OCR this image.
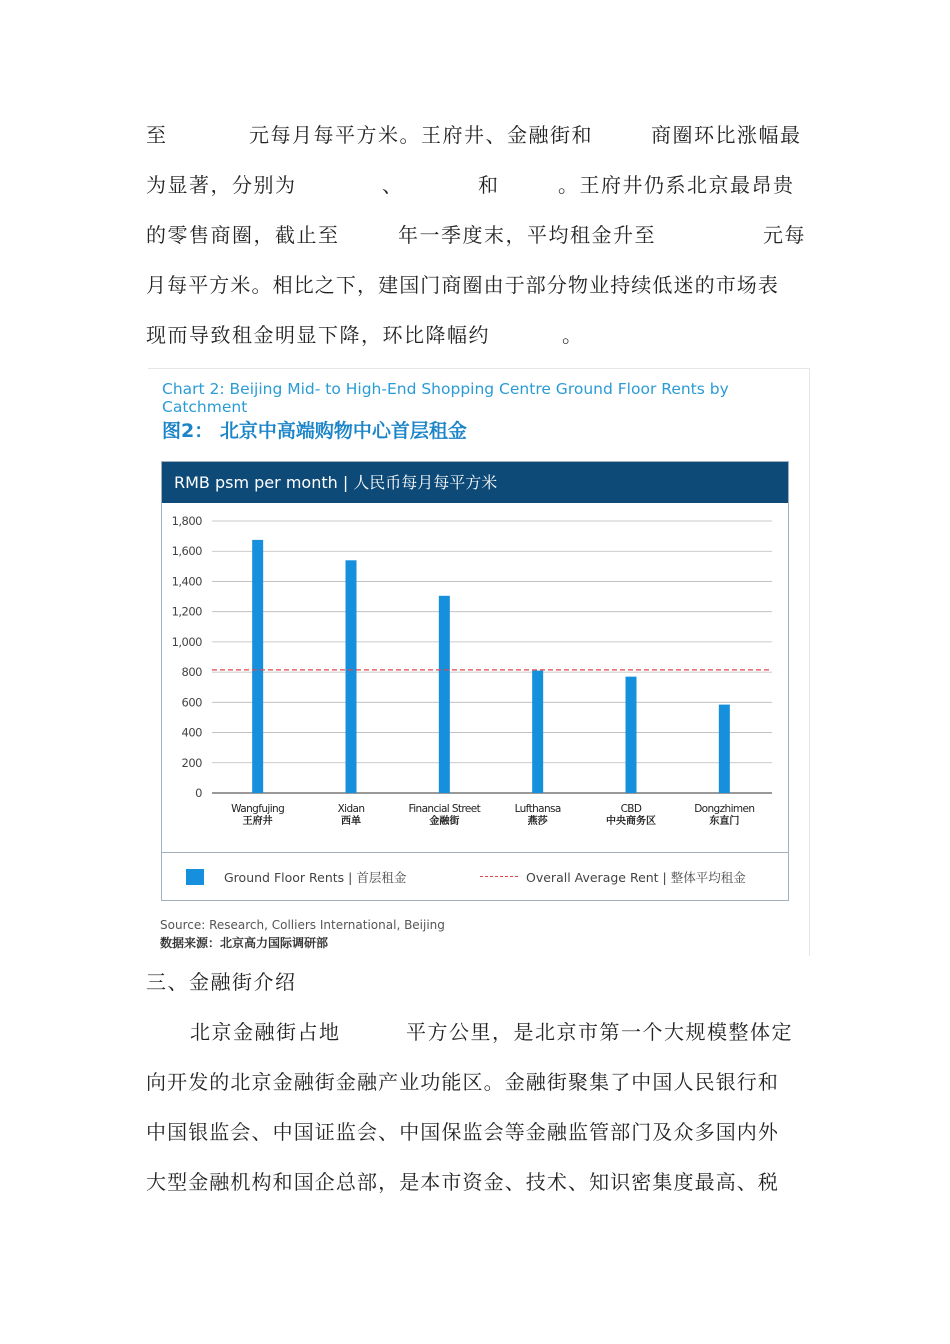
至	元每月每平方米。王府井、金融街和	商圈环比涨幅最
为显著，分别为	、	和	。王府井仍系北京最昂贵
的零售商圈，截止至	年一季度末，平均租金升至	元每
月每平方米。相比之下，建国门商圈由于部分物业持续低迷的市场表
现而导致租金明显下降，环比降幅约	。
Chart 2: Beijing Mid- to High-End Shopping Centre Ground Floor Rents by Catchment
图2： 北京中高端购物中心首层租金
RMB psm per month | 人民币每月每平方米
1,800
1,600
1,400
1,200
1,000
800
600
400
200
0
Wangfujing
王府井
Xidan
西单
Financial Street
金融街
Lufthansa
燕莎
CBD
中央商务区
Dongzhimen
东直门
Ground Floor Rents | 首层租金	Overall Average Rent | 整体平均租金
Source: Research, Colliers International, Beijing
数据来源：北京高力国际调研部
三、金融街介绍
北京金融街占地	平方公里，是北京市第一个大规模整体定
向开发的北京金融街金融产业功能区。金融街聚集了中国人民银行和
中国银监会、中国证监会、中国保监会等金融监管部门及众多国内外
大型金融机构和国企总部，是本市资金、技术、知识密集度最高、税
